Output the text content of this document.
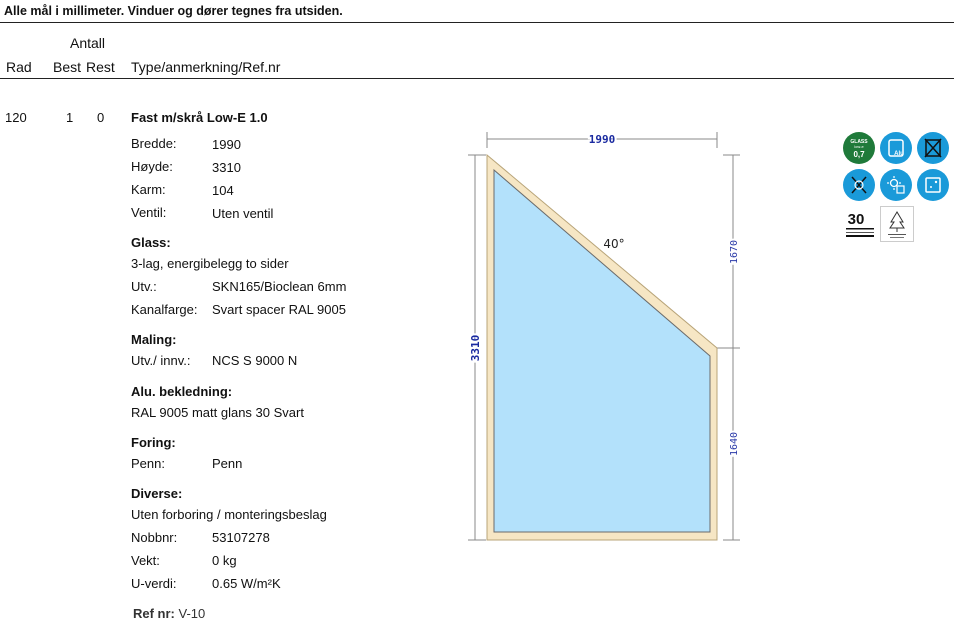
Alle mål i millimeter. Vinduer og dører tegnes fra utsiden.
Antall
Rad Best Rest Type/anmerkning/Ref.nr
120	1 0 Fast m/skrå Low-E 1.0
Bredde:	1990
Høyde:	3310
Karm:	104
Ventil:	Uten ventil
Glass:
3-lag, energibelegg to sider
Utv.:	SKN165/Bioclean 6mm
Kanalfarge: Svart spacer RAL 9005
Maling:
Utv./ innv.: NCS S 9000 N
Alu. bekledning:
RAL 9005 matt glans 30 Svart
Foring:
Penn:	Penn
Diverse:
Uten forboring / monteringsbeslag
Nobbnr:	53107278
Vekt:	0 kg
U-verdi:	0.65 W/m²K
Ref nr: V-10
1990
3310
1670
1640
40°
GLASS
low-e
0,7	Alu
30
